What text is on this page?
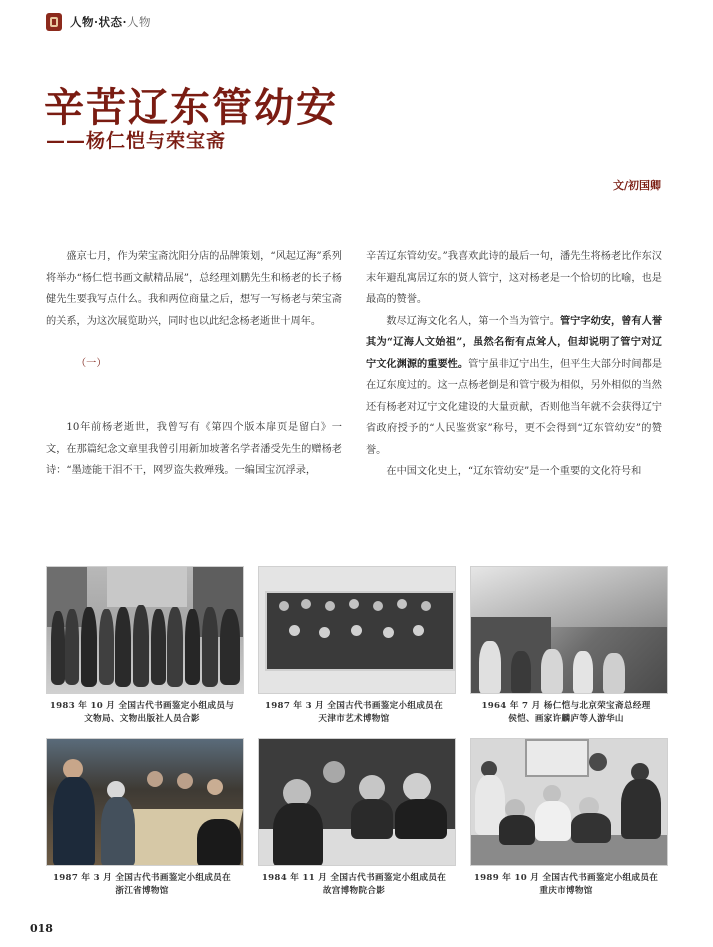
人物·状态·人物
辛苦辽东管幼安
——杨仁恺与荣宝斋
文/初国卿

盛京七月，作为荣宝斋沈阳分店的品牌策划，“风起辽海”系列将举办“杨仁恺书画文献精品展”，总经理刘鹏先生和杨老的长子杨健先生要我写点什么。我和两位商量之后，想写一写杨老与荣宝斋的关系，为这次展览助兴，同时也以此纪念杨老逝世十周年。

（一）

10年前杨老逝世，我曾写有《第四个版本扉页是留白》一文，在那篇纪念文章里我曾引用新加坡著名学者潘受先生的赠杨老诗：“墨迹能干泪不干，网罗盗失救殚残。一编国宝沉浮录，

辛苦辽东管幼安。”我喜欢此诗的最后一句，潘先生将杨老比作东汉末年避乱寓居辽东的贤人管宁，这对杨老是一个恰切的比喻，也是最高的赞誉。

数尽辽海文化名人，第一个当为管宁。管宁字幼安，曾有人誉其为“辽海人文始祖”，虽然名衔有点耸人，但却说明了管宁对辽宁文化渊源的重要性。管宁虽非辽宁出生，但平生大部分时间都是在辽东度过的。这一点杨老倒是和管宁极为相似，另外相似的当然还有杨老对辽宁文化建设的大量贡献，否则他当年就不会获得辽宁省政府授予的“人民鉴赏家”称号，更不会得到“辽东管幼安”的赞誉。

在中国文化史上，“辽东管幼安”是一个重要的文化符号和

1983 年 10 月 全国古代书画鉴定小组成员与
文物局、文物出版社人员合影
1987 年 3 月 全国古代书画鉴定小组成员在
天津市艺术博物馆
1964 年 7 月 杨仁恺与北京荣宝斋总经理
侯恺、画家许麟庐等人游华山
1987 年 3 月 全国古代书画鉴定小组成员在
浙江省博物馆
1984 年 11 月 全国古代书画鉴定小组成员在
故宫博物院合影
1989 年 10 月 全国古代书画鉴定小组成员在
重庆市博物馆
018
